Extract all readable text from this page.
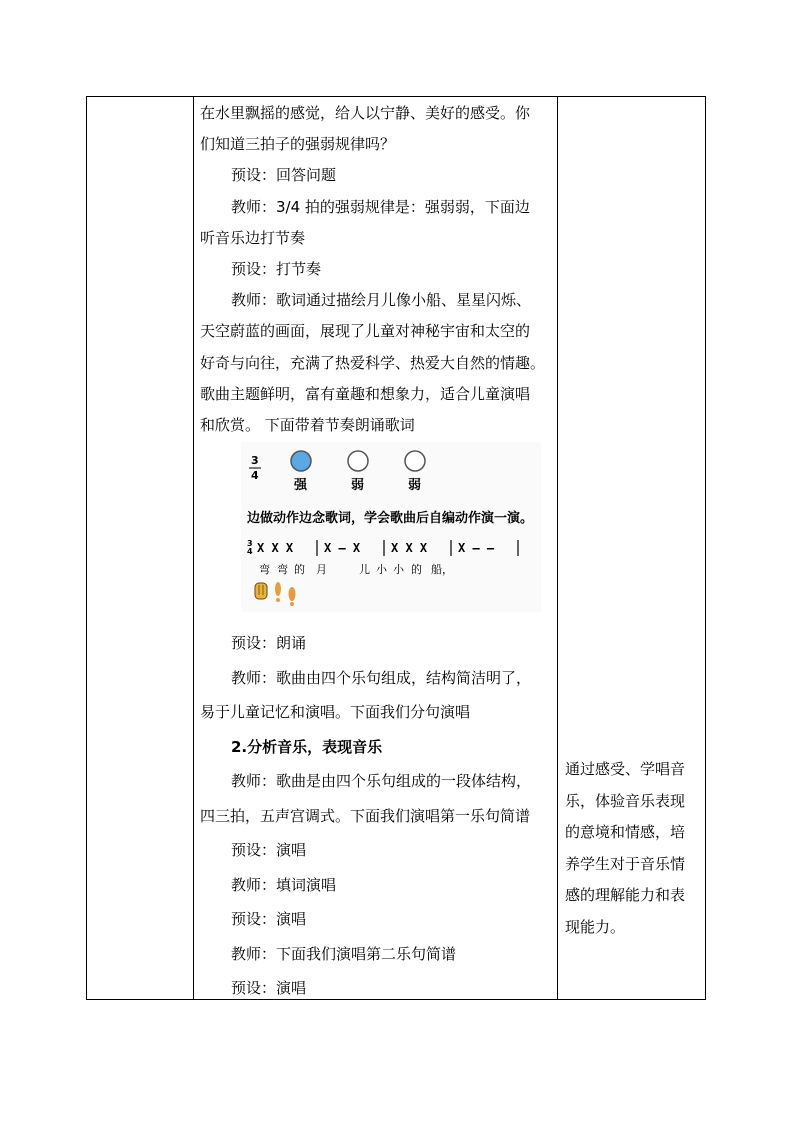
3
4
强	弱	弱
边做动作边念歌词，学会歌曲后自编动作演一演。
3
4 X X X	X – X	X X X	X – –
弯 弯 的 月	儿 小 小 的 船，
在水里飘摇的感觉，给人以宁静、美好的感受。你
们知道三拍子的强弱规律吗？
预设：回答问题
教师：3/4 拍的强弱规律是：强弱弱，下面边
听音乐边打节奏
预设：打节奏
教师：歌词通过描绘月儿像小船、星星闪烁、
天空蔚蓝的画面，展现了儿童对神秘宇宙和太空的
好奇与向往，充满了热爱科学、热爱大自然的情趣。
歌曲主题鲜明，富有童趣和想象力，适合儿童演唱
和欣赏。 下面带着节奏朗诵歌词
预设：朗诵
教师：歌曲由四个乐句组成，结构简洁明了，
易于儿童记忆和演唱。下面我们分句演唱
2.分析音乐，表现音乐
教师：歌曲是由四个乐句组成的一段体结构，
四三拍，五声宫调式。下面我们演唱第一乐句简谱
预设：演唱
教师：填词演唱
预设：演唱
教师：下面我们演唱第二乐句简谱
预设：演唱
通过感受、学唱音
乐，体验音乐表现
的意境和情感，培
养学生对于音乐情
感的理解能力和表
现能力。
